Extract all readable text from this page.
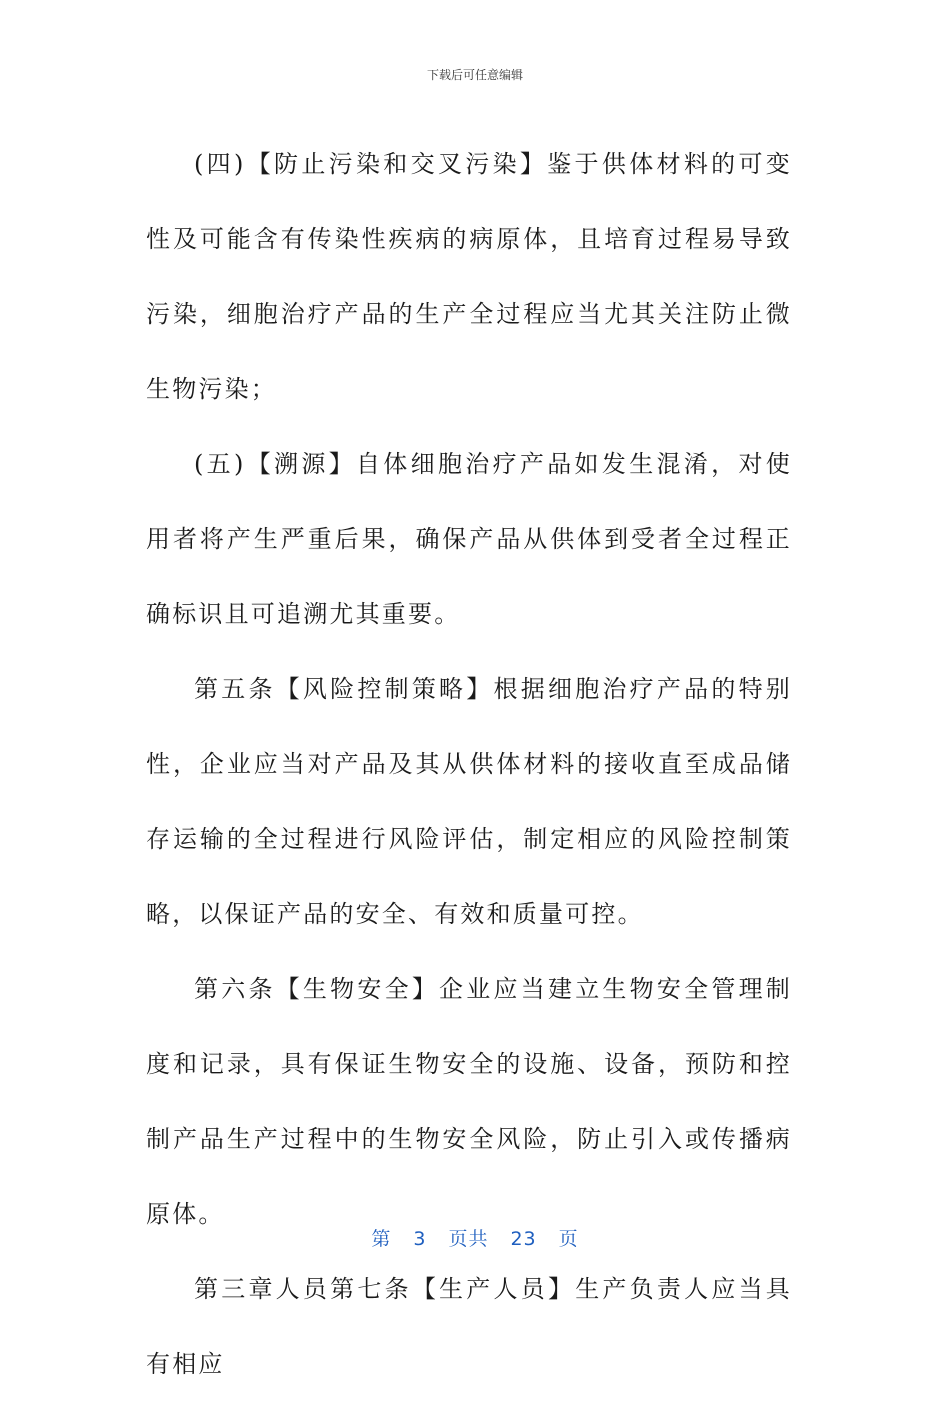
下载后可任意编辑

(四)【防止污染和交叉污染】鉴于供体材料的可变性及可能含有传染性疾病的病原体，且培育过程易导致污染，细胞治疗产品的生产全过程应当尤其关注防止微生物污染；

(五)【溯源】自体细胞治疗产品如发生混淆，对使用者将产生严重后果，确保产品从供体到受者全过程正确标识且可追溯尤其重要。

第五条【风险控制策略】根据细胞治疗产品的特别性，企业应当对产品及其从供体材料的接收直至成品储存运输的全过程进行风险评估，制定相应的风险控制策略，以保证产品的安全、有效和质量可控。

第六条【生物安全】企业应当建立生物安全管理制度和记录，具有保证生物安全的设施、设备，预防和控制产品生产过程中的生物安全风险，防止引入或传播病原体。

第三章人员第七条【生产人员】生产负责人应当具有相应

第 3 页共 23 页
